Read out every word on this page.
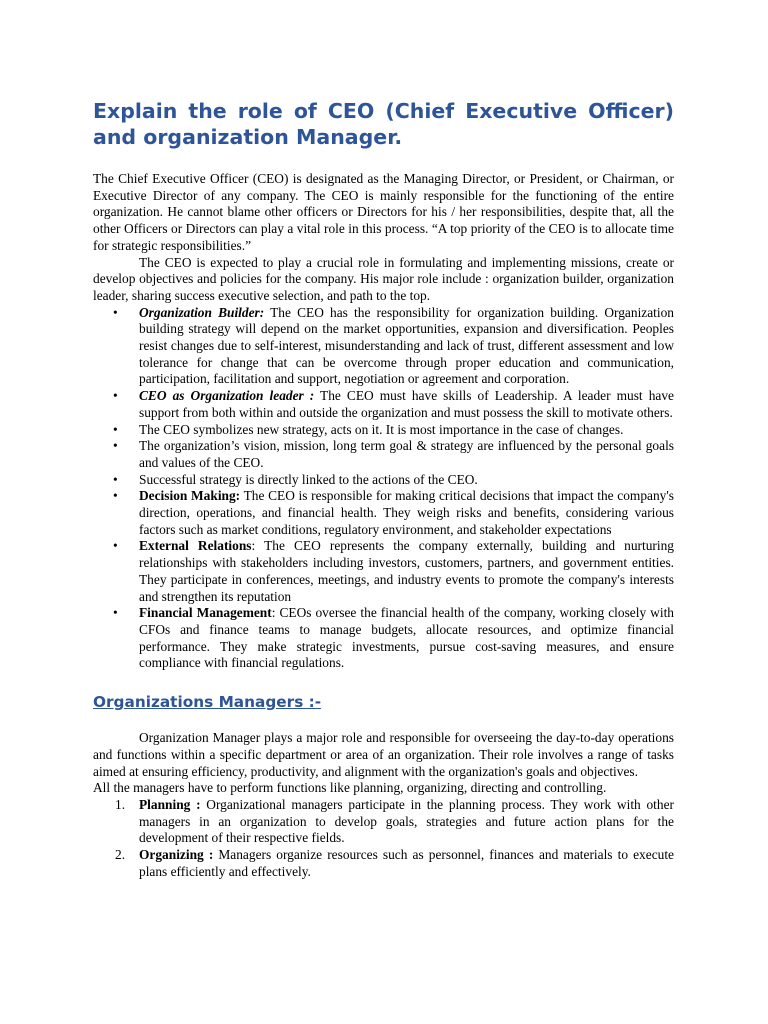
Explain the role of CEO (Chief Executive Officer) and organization Manager.

The Chief Executive Officer (CEO) is designated as the Managing Director, or President, or Chairman, or Executive Director of any company. The CEO is mainly responsible for the functioning of the entire organization. He cannot blame other officers or Directors for his / her responsibilities, despite that, all the other Officers or Directors can play a vital role in this process. “A top priority of the CEO is to allocate time for strategic responsibilities.”

The CEO is expected to play a crucial role in formulating and implementing missions, create or develop objectives and policies for the company. His major role include : organization builder, organization leader, sharing success executive selection, and path to the top.

• Organization Builder: The CEO has the responsibility for organization building. Organization building strategy will depend on the market opportunities, expansion and diversification. Peoples resist changes due to self-interest, misunderstanding and lack of trust, different assessment and low tolerance for change that can be overcome through proper education and communication, participation, facilitation and support, negotiation or agreement and corporation.
• CEO as Organization leader : The CEO must have skills of Leadership. A leader must have support from both within and outside the organization and must possess the skill to motivate others.
• The CEO symbolizes new strategy, acts on it. It is most importance in the case of changes.
• The organization’s vision, mission, long term goal & strategy are influenced by the personal goals and values of the CEO.
• Successful strategy is directly linked to the actions of the CEO.
• Decision Making: The CEO is responsible for making critical decisions that impact the company's direction, operations, and financial health. They weigh risks and benefits, considering various factors such as market conditions, regulatory environment, and stakeholder expectations
• External Relations: The CEO represents the company externally, building and nurturing relationships with stakeholders including investors, customers, partners, and government entities. They participate in conferences, meetings, and industry events to promote the company's interests and strengthen its reputation
• Financial Management: CEOs oversee the financial health of the company, working closely with CFOs and finance teams to manage budgets, allocate resources, and optimize financial performance. They make strategic investments, pursue cost-saving measures, and ensure compliance with financial regulations.
Organizations Managers :-

Organization Manager plays a major role and responsible for overseeing the day-to-day operations and functions within a specific department or area of an organization. Their role involves a range of tasks aimed at ensuring efficiency, productivity, and alignment with the organization's goals and objectives.

All the managers have to perform functions like planning, organizing, directing and controlling.

1.	Planning : Organizational managers participate in the planning process. They work with other managers in an organization to develop goals, strategies and future action plans for the development of their respective fields.
2.	Organizing : Managers organize resources such as personnel, finances and materials to execute plans efficiently and effectively.
